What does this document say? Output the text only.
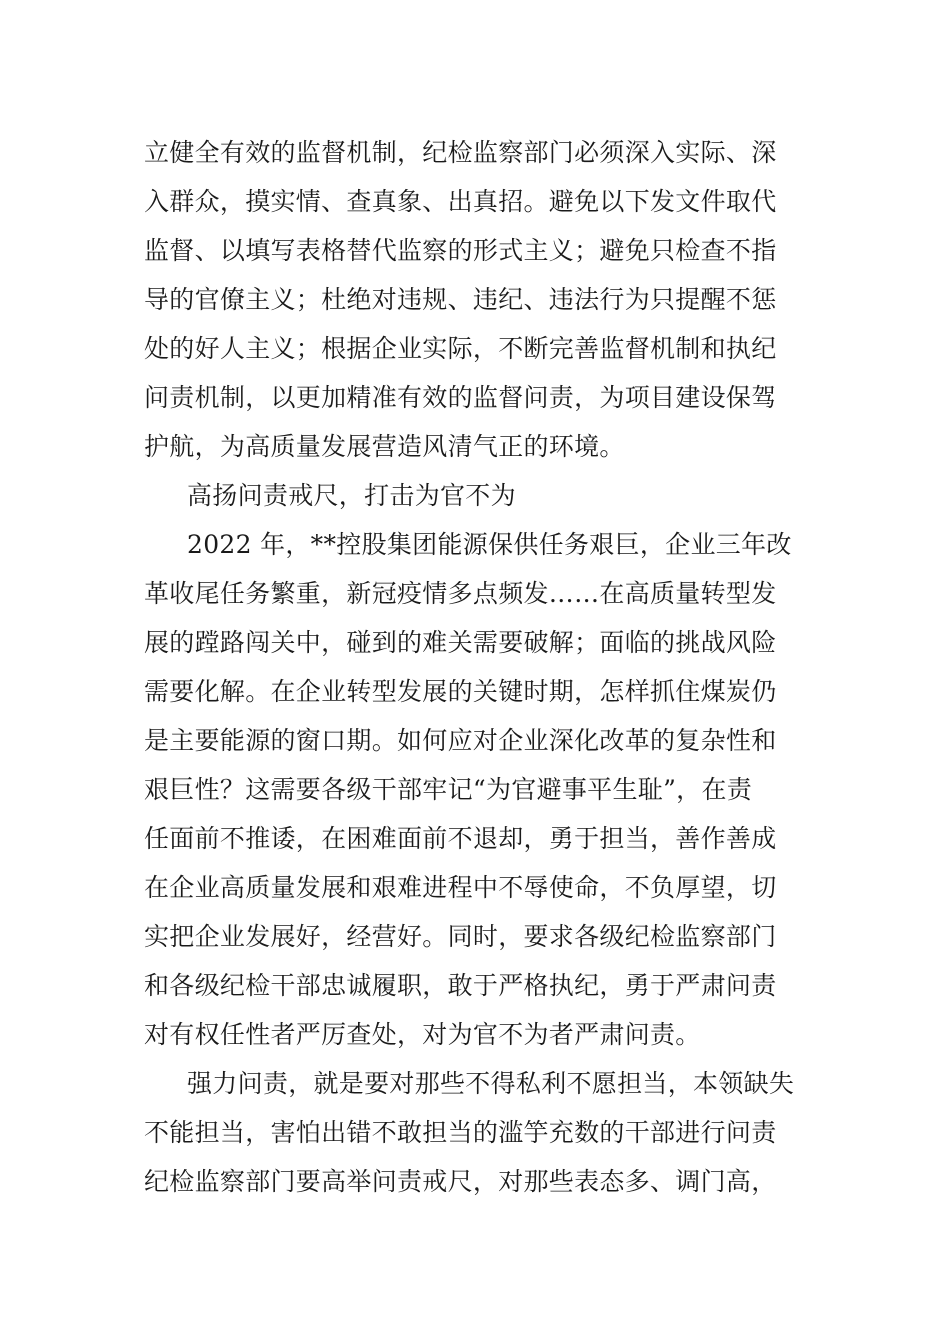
立健全有效的监督机制，纪检监察部门必须深入实际、深
入群众，摸实情、查真象、出真招。避免以下发文件取代
监督、以填写表格替代监察的形式主义；避免只检查不指
导的官僚主义；杜绝对违规、违纪、违法行为只提醒不惩
处的好人主义；根据企业实际，不断完善监督机制和执纪
问责机制，以更加精准有效的监督问责，为项目建设保驾
护航，为高质量发展营造风清气正的环境。
高扬问责戒尺，打击为官不为
2022 年，**控股集团能源保供任务艰巨，企业三年改
革收尾任务繁重，新冠疫情多点频发……在高质量转型发
展的蹚路闯关中，碰到的难关需要破解；面临的挑战风险
需要化解。在企业转型发展的关键时期，怎样抓住煤炭仍
是主要能源的窗口期。如何应对企业深化改革的复杂性和
艰巨性？这需要各级干部牢记“为官避事平生耻”，在责
任面前不推诿，在困难面前不退却，勇于担当，善作善成
在企业高质量发展和艰难进程中不辱使命，不负厚望，切
实把企业发展好，经营好。同时，要求各级纪检监察部门
和各级纪检干部忠诚履职，敢于严格执纪，勇于严肃问责
对有权任性者严厉查处，对为官不为者严肃问责。
强力问责，就是要对那些不得私利不愿担当，本领缺失
不能担当，害怕出错不敢担当的滥竽充数的干部进行问责
纪检监察部门要高举问责戒尺，对那些表态多、调门高，
